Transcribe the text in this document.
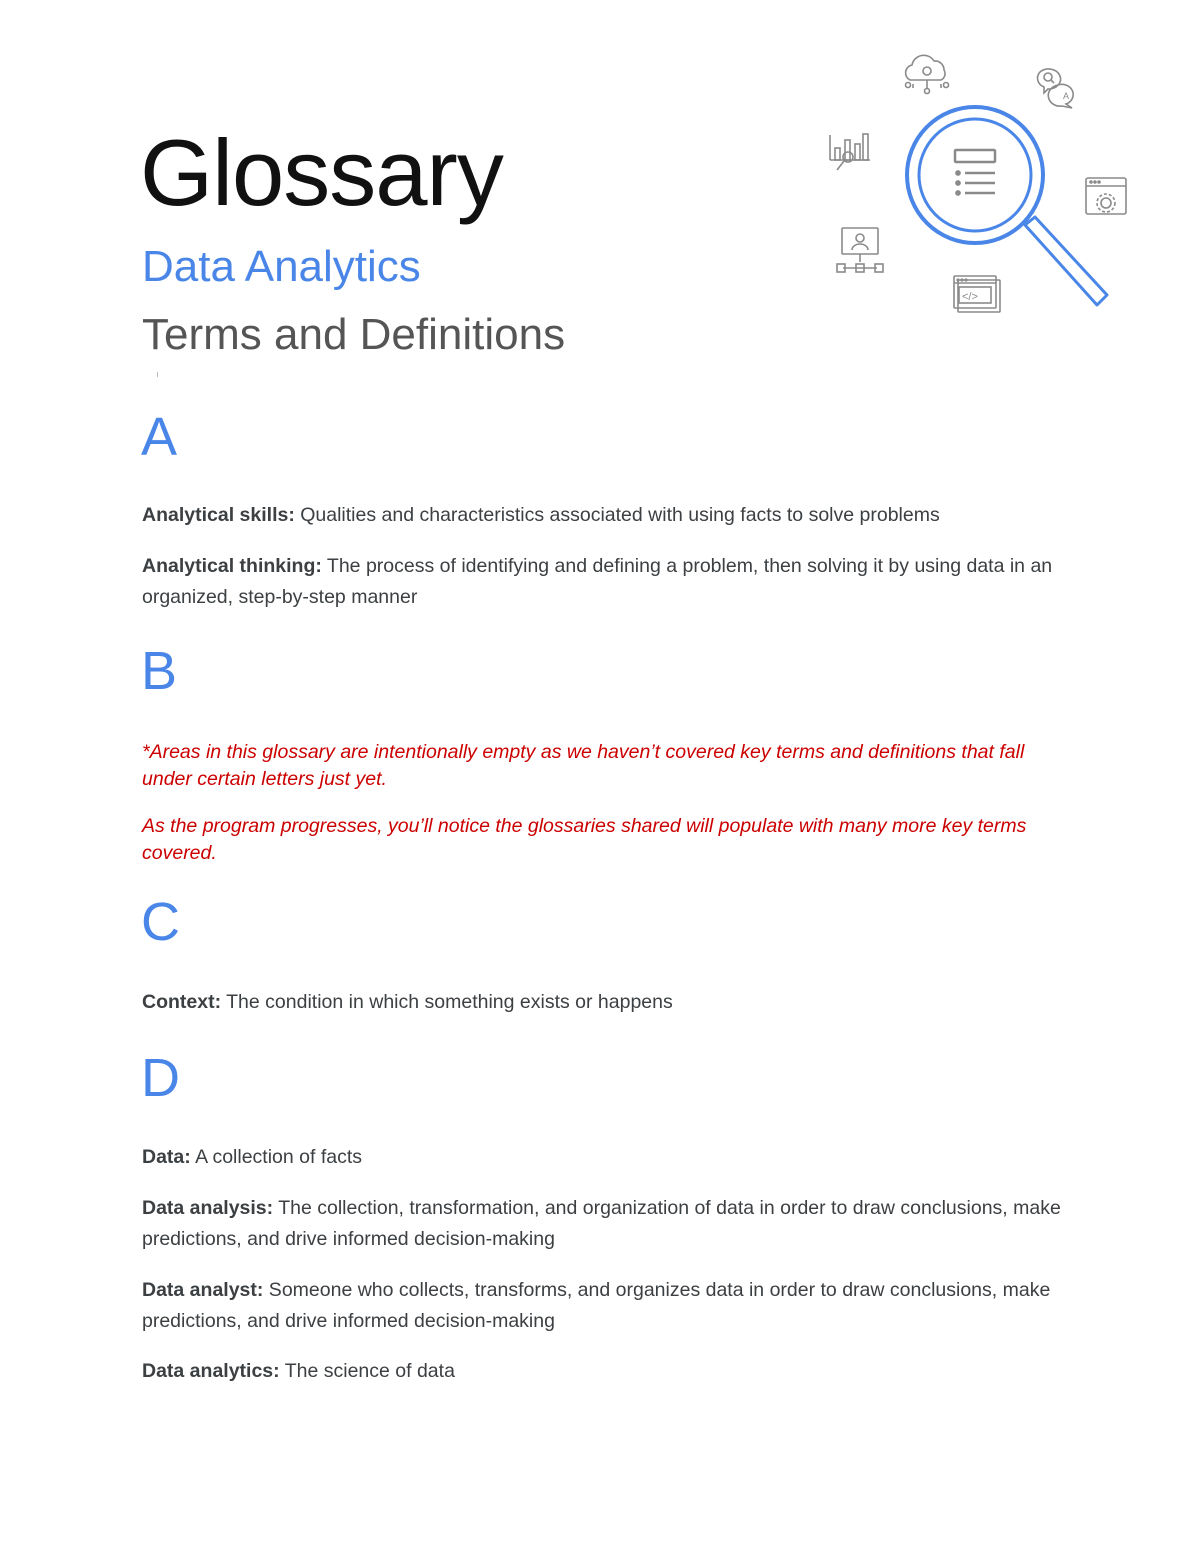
Glossary
Data Analytics
Terms and Definitions
A
</>
A

Analytical skills: Qualities and characteristics associated with using facts to solve problems

Analytical thinking: The process of identifying and defining a problem, then solving it by using data in an organized, step-by-step manner

B

*Areas in this glossary are intentionally empty as we haven’t covered key terms and definitions that fall under certain letters just yet.

As the program progresses, you’ll notice the glossaries shared will populate with many more key terms covered.

C

Context: The condition in which something exists or happens

D

Data: A collection of facts

Data analysis: The collection, transformation, and organization of data in order to draw conclusions, make predictions, and drive informed decision-making

Data analyst: Someone who collects, transforms, and organizes data in order to draw conclusions, make predictions, and drive informed decision-making

Data analytics: The science of data
